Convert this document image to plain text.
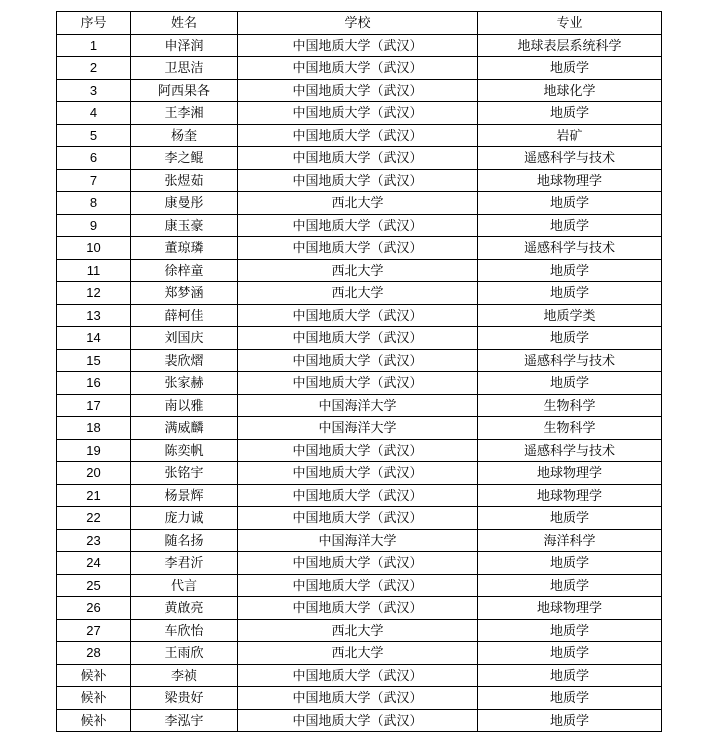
序号	姓名	学校	专业
1	申泽润	中国地质大学（武汉）	地球表层系统科学
2	卫思洁	中国地质大学（武汉）	地质学
3	阿西果各	中国地质大学（武汉）	地球化学
4	王李湘	中国地质大学（武汉）	地质学
5	杨奎	中国地质大学（武汉）	岩矿
6	李之鲲	中国地质大学（武汉）	遥感科学与技术
7	张煜茹	中国地质大学（武汉）	地球物理学
8	康曼彤	西北大学	地质学
9	康玉豪	中国地质大学（武汉）	地质学
10	董琼璘	中国地质大学（武汉）	遥感科学与技术
11	徐梓童	西北大学	地质学
12	郑梦涵	西北大学	地质学
13	薛柯佳	中国地质大学（武汉）	地质学类
14	刘国庆	中国地质大学（武汉）	地质学
15	裴欣熠	中国地质大学（武汉）	遥感科学与技术
16	张家赫	中国地质大学（武汉）	地质学
17	南以雅	中国海洋大学	生物科学
18	满威麟	中国海洋大学	生物科学
19	陈奕帆	中国地质大学（武汉）	遥感科学与技术
20	张铭宇	中国地质大学（武汉）	地球物理学
21	杨景辉	中国地质大学（武汉）	地球物理学
22	庞力诚	中国地质大学（武汉）	地质学
23	随名扬	中国海洋大学	海洋科学
24	李君沂	中国地质大学（武汉）	地质学
25	代言	中国地质大学（武汉）	地质学
26	黄啟亮	中国地质大学（武汉）	地球物理学
27	车欣怡	西北大学	地质学
28	王雨欣	西北大学	地质学
候补	李祯	中国地质大学（武汉）	地质学
候补	梁贵好	中国地质大学（武汉）	地质学
候补	李泓宇	中国地质大学（武汉）	地质学
